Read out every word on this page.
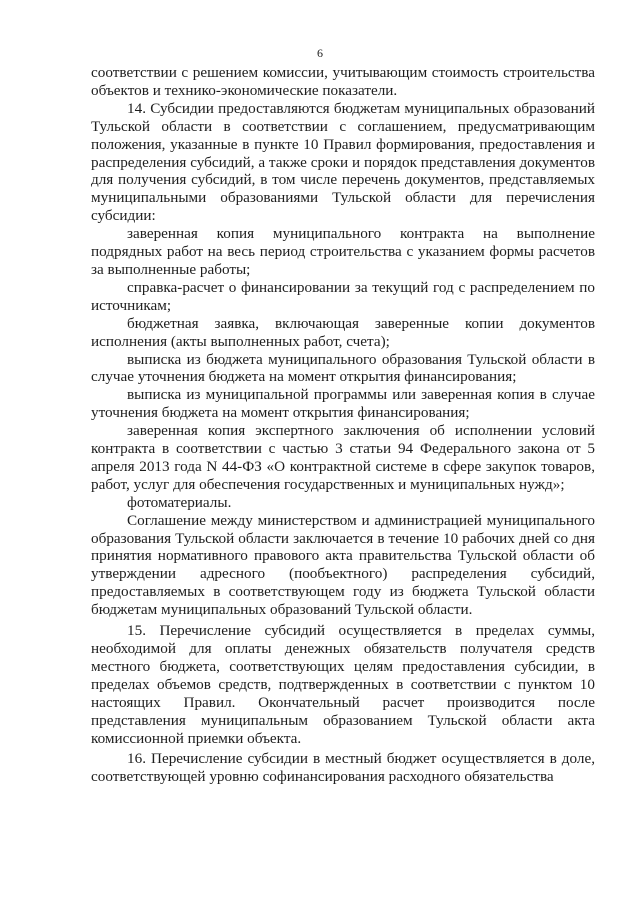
6

соответствии с решением комиссии, учитывающим стоимость строительства объектов и технико-экономические показатели.

14. Субсидии предоставляются бюджетам муниципальных образований Тульской области в соответствии с соглашением, предусматривающим положения, указанные в пункте 10 Правил формирования, предоставления и распределения субсидий, а также сроки и порядок представления документов для получения субсидий, в том числе перечень документов, представляемых муниципальными образованиями Тульской области для перечисления субсидии:

заверенная копия муниципального контракта на выполнение подрядных работ на весь период строительства с указанием формы расчетов за выполненные работы;

справка-расчет о финансировании за текущий год с распределением по источникам;

бюджетная заявка, включающая заверенные копии документов исполнения (акты выполненных работ, счета);

выписка из бюджета муниципального образования Тульской области в случае уточнения бюджета на момент открытия финансирования;

выписка из муниципальной программы или заверенная копия в случае уточнения бюджета на момент открытия финансирования;

заверенная копия экспертного заключения об исполнении условий контракта в соответствии с частью 3 статьи 94 Федерального закона от 5 апреля 2013 года N 44-ФЗ «О контрактной системе в сфере закупок товаров, работ, услуг для обеспечения государственных и муниципальных нужд»;

фотоматериалы.

Соглашение между министерством и администрацией муниципального образования Тульской области заключается в течение 10 рабочих дней со дня принятия нормативного правового акта правительства Тульской области об утверждении адресного (пообъектного) распределения субсидий, предоставляемых в соответствующем году из бюджета Тульской области бюджетам муниципальных образований Тульской области.

15. Перечисление субсидий осуществляется в пределах суммы, необходимой для оплаты денежных обязательств получателя средств местного бюджета, соответствующих целям предоставления субсидии, в пределах объемов средств, подтвержденных в соответствии с пунктом 10 настоящих Правил. Окончательный расчет производится после представления муниципальным образованием Тульской области акта комиссионной приемки объекта.

16. Перечисление субсидии в местный бюджет осуществляется в доле, соответствующей уровню софинансирования расходного обязательства
